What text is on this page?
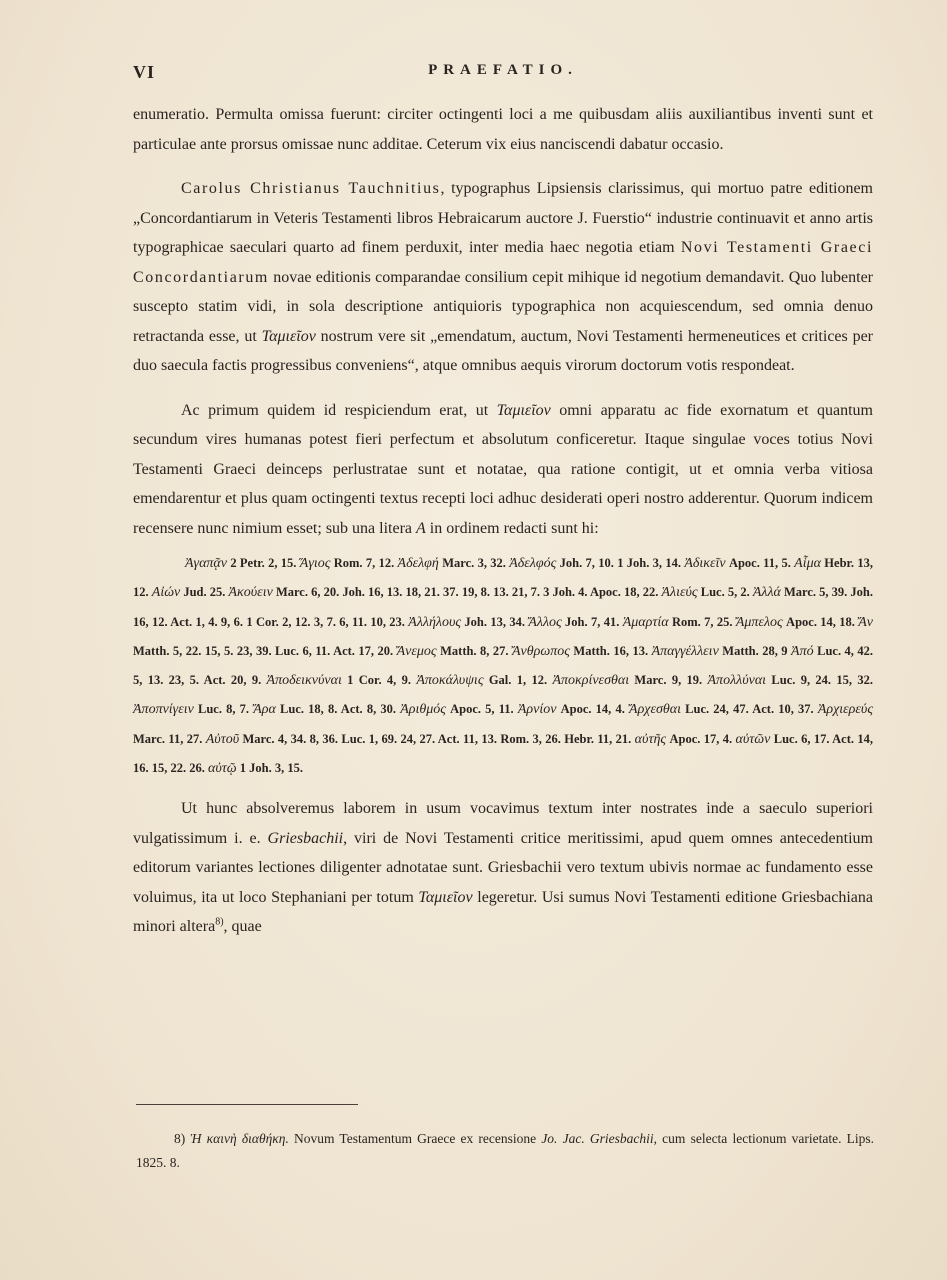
VI	PRAEFATIO.

enumeratio. Permulta omissa fuerunt: circiter octingenti loci a me quibusdam aliis auxiliantibus inventi sunt et particulae ante prorsus omissae nunc additae. Ceterum vix eius nanciscendi dabatur occasio.

Carolus Christianus Tauchnitius, typographus Lipsiensis clarissimus, qui mortuo patre editionem „Concordantiarum in Veteris Testamenti libros Hebraicarum auctore J. Fuerstio“ industrie continuavit et anno artis typographicae saeculari quarto ad finem perduxit, inter media haec negotia etiam Novi Testamenti Graeci Concordantiarum novae editionis comparandae consilium cepit mihique id negotium demandavit. Quo lubenter suscepto statim vidi, in sola descriptione antiquioris typographica non acquiescendum, sed omnia denuo retractanda esse, ut Ταμιεῖον nostrum vere sit „emendatum, auctum, Novi Testamenti hermeneutices et critices per duo saecula factis progressibus conveniens“, atque omnibus aequis virorum doctorum votis respondeat.

Ac primum quidem id respiciendum erat, ut Ταμιεῖον omni apparatu ac fide exornatum et quantum secundum vires humanas potest fieri perfectum et absolutum conficeretur. Itaque singulae voces totius Novi Testamenti Graeci deinceps perlustratae sunt et notatae, qua ratione contigit, ut et omnia verba vitiosa emendarentur et plus quam octingenti textus recepti loci adhuc desiderati operi nostro adderentur. Quorum indicem recensere nunc nimium esset; sub una litera A in ordinem redacti sunt hi:

Ἀγαπᾷν 2 Petr. 2, 15. Ἅγιος Rom. 7, 12. Ἀδελφή Marc. 3, 32. Ἀδελφός Joh. 7, 10. 1 Joh. 3, 14. Ἀδικεῖν Apoc. 11, 5. Αἷμα Hebr. 13, 12. Αἰών Jud. 25. Ἀκούειν Marc. 6, 20. Joh. 16, 13. 18, 21. 37. 19, 8. 13. 21, 7. 3 Joh. 4. Apoc. 18, 22. Ἁλιεύς Luc. 5, 2. Ἀλλά Marc. 5, 39. Joh. 16, 12. Act. 1, 4. 9, 6. 1 Cor. 2, 12. 3, 7. 6, 11. 10, 23. Ἀλλήλους Joh. 13, 34. Ἄλλος Joh. 7, 41. Ἁμαρτία Rom. 7, 25. Ἄμπελος Apoc. 14, 18. Ἄν Matth. 5, 22. 15, 5. 23, 39. Luc. 6, 11. Act. 17, 20. Ἄνεμος Matth. 8, 27. Ἄνθρωπος Matth. 16, 13. Ἀπαγγέλλειν Matth. 28, 9 Ἀπό Luc. 4, 42. 5, 13. 23, 5. Act. 20, 9. Ἀποδεικνύναι 1 Cor. 4, 9. Ἀποκάλυψις Gal. 1, 12. Ἀποκρίνεσθαι Marc. 9, 19. Ἀπολλύναι Luc. 9, 24. 15, 32. Ἀποπνίγειν Luc. 8, 7. Ἄρα Luc. 18, 8. Act. 8, 30. Ἀριθμός Apoc. 5, 11. Ἀρνίον Apoc. 14, 4. Ἄρχεσθαι Luc. 24, 47. Act. 10, 37. Ἀρχιερεύς Marc. 11, 27. Αὐτοῦ Marc. 4, 34. 8, 36. Luc. 1, 69. 24, 27. Act. 11, 13. Rom. 3, 26. Hebr. 11, 21. αὐτῆς Apoc. 17, 4. αὐτῶν Luc. 6, 17. Act. 14, 16. 15, 22. 26. αὐτῷ 1 Joh. 3, 15.

Ut hunc absolveremus laborem in usum vocavimus textum inter nostrates inde a saeculo superiori vulgatissimum i. e. Griesbachii, viri de Novi Testamenti critice meritissimi, apud quem omnes antecedentium editorum variantes lectiones diligenter adnotatae sunt. Griesbachii vero textum ubivis normae ac fundamento esse voluimus, ita ut loco Stephaniani per totum Ταμιεῖον legeretur. Usi sumus Novi Testamenti editione Griesbachiana minori altera$^{8)}$, quae

8) Ἡ καινὴ διαθήκη. Novum Testamentum Graece ex recensione Jo. Jac. Griesbachii, cum selecta lectionum varietate. Lips. 1825. 8.
